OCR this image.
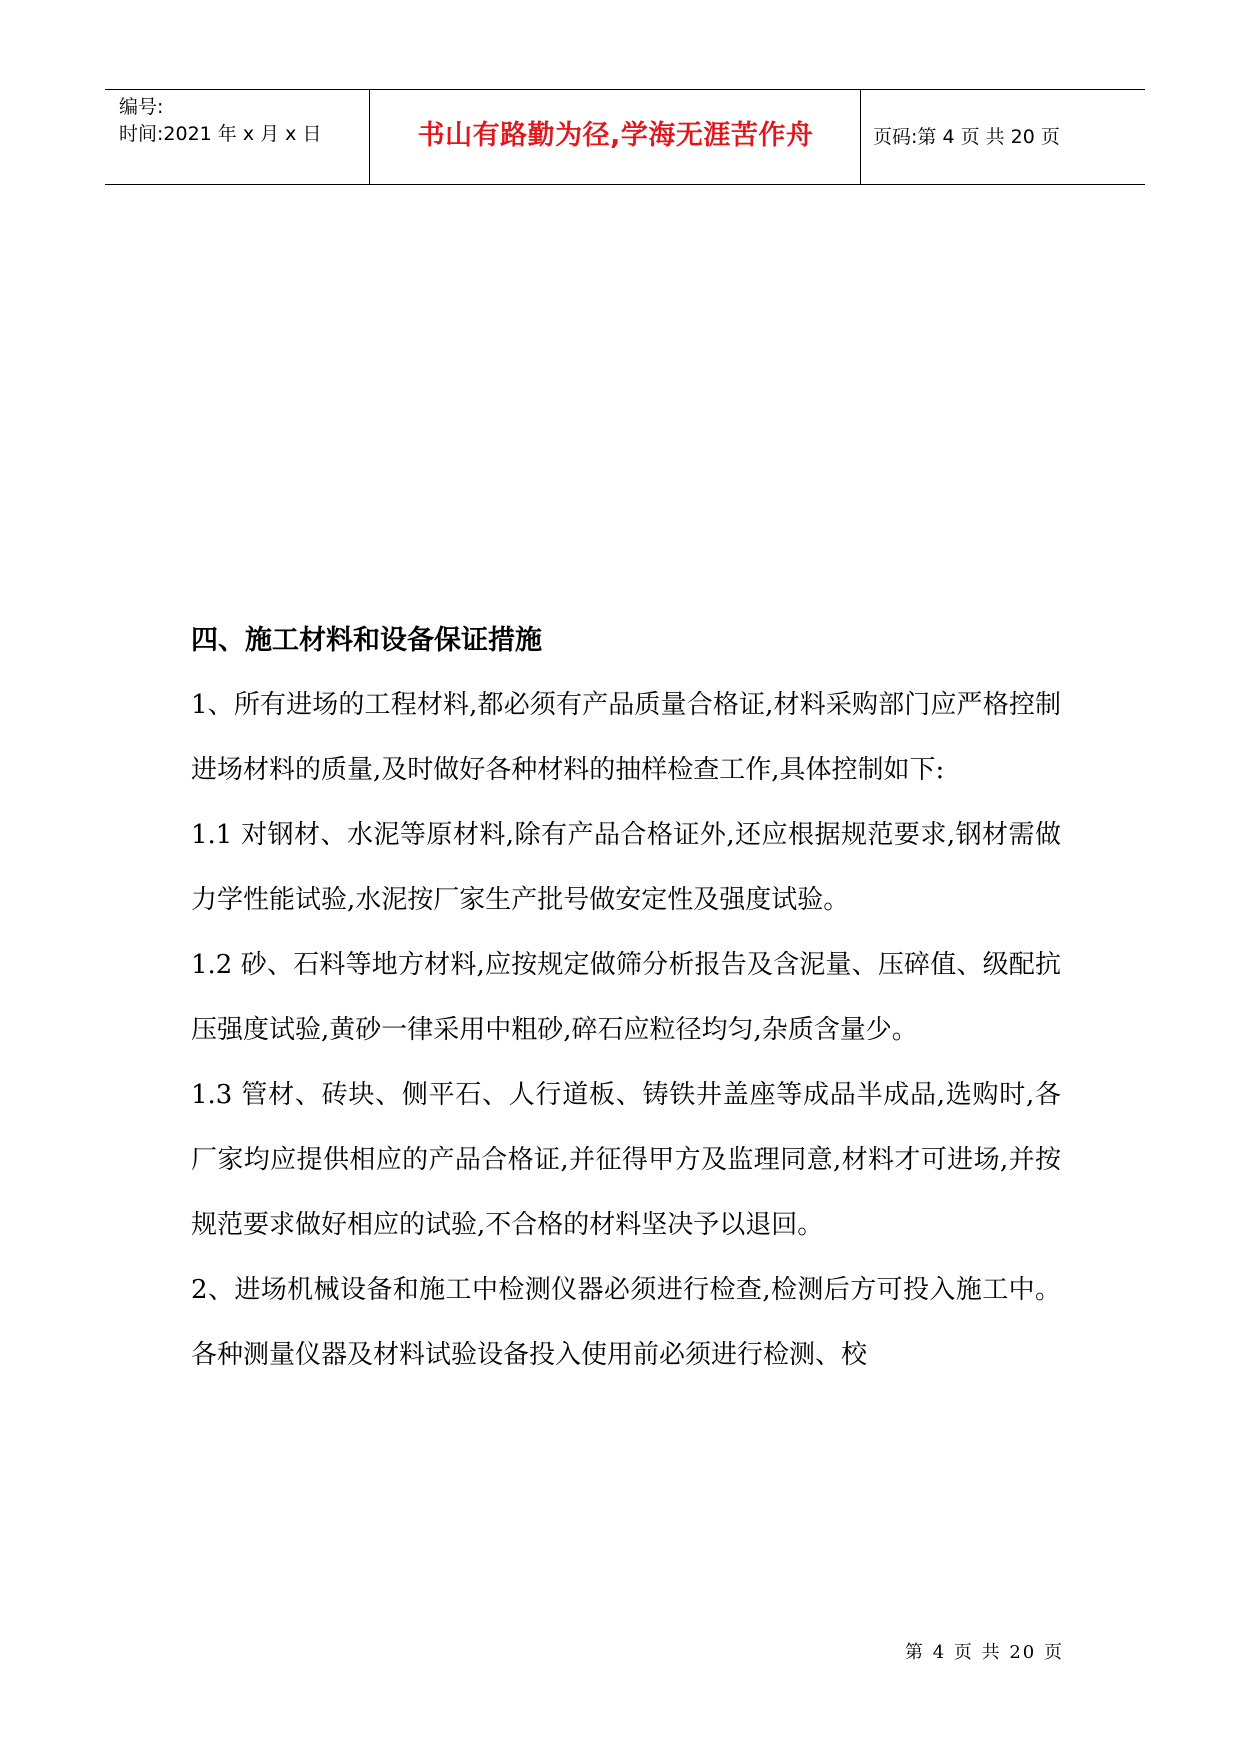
编号:
时间:2021 年 x 月 x 日	书山有路勤为径,学海无涯苦作舟	页码:第 4 页 共 20 页

四、施工材料和设备保证措施

1、所有进场的工程材料,都必须有产品质量合格证,材料采购部门应严格控制进场材料的质量,及时做好各种材料的抽样检查工作,具体控制如下:

1.1 对钢材、水泥等原材料,除有产品合格证外,还应根据规范要求,钢材需做力学性能试验,水泥按厂家生产批号做安定性及强度试验。

1.2 砂、石料等地方材料,应按规定做筛分析报告及含泥量、压碎值、级配抗压强度试验,黄砂一律采用中粗砂,碎石应粒径均匀,杂质含量少。

1.3 管材、砖块、侧平石、人行道板、铸铁井盖座等成品半成品,选购时,各厂家均应提供相应的产品合格证,并征得甲方及监理同意,材料才可进场,并按规范要求做好相应的试验,不合格的材料坚决予以退回。

2、进场机械设备和施工中检测仪器必须进行检查,检测后方可投入施工中。各种测量仪器及材料试验设备投入使用前必须进行检测、校

第 4 页 共 20 页
